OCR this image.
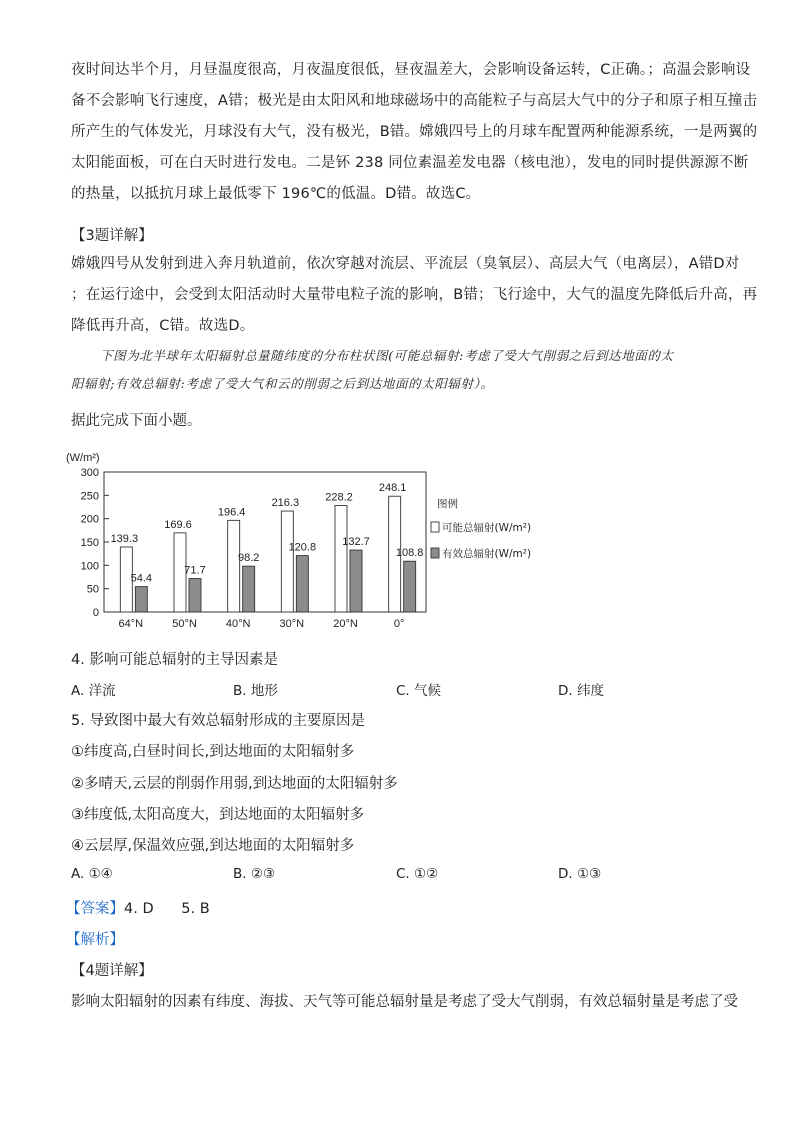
夜时间达半个月，月昼温度很高，月夜温度很低，昼夜温差大，会影响设备运转，C正确。；高温会影响设
备不会影响飞行速度，A错；极光是由太阳风和地球磁场中的高能粒子与高层大气中的分子和原子相互撞击
所产生的气体发光，月球没有大气，没有极光，B错。嫦娥四号上的月球车配置两种能源系统，一是两翼的
太阳能面板，可在白天时进行发电。二是钚 238 同位素温差发电器（核电池），发电的同时提供源源不断
的热量，以抵抗月球上最低零下 196℃的低温。D错。故选C。
【3题详解】
嫦娥四号从发射到进入奔月轨道前，依次穿越对流层、平流层（臭氧层）、高层大气（电离层），A错D对
；在运行途中，会受到太阳活动时大量带电粒子流的影响，B错；飞行途中，大气的温度先降低后升高，再
降低再升高，C错。故选D。
下图为北半球年太阳辐射总量随纬度的分布柱状图(可能总辐射:考虑了受大气削弱之后到达地面的太
阳辐射;有效总辐射:考虑了受大气和云的削弱之后到达地面的太阳辐射）。
据此完成下面小题。
(W/m²)
0
50
100
150
200
250
300
139.3
54.4
64°N
169.6
71.7
50°N
196.4
98.2
40°N
216.3
120.8
30°N
228.2
132.7
20°N
248.1
108.8
0°
图例
可能总辐射(W/m²)
有效总辐射(W/m²)
4. 影响可能总辐射的主导因素是
A. 洋流	B. 地形	C. 气候	D. 纬度
5. 导致图中最大有效总辐射形成的主要原因是
①纬度高,白昼时间长,到达地面的太阳辐射多
②多晴天,云层的削弱作用弱,到达地面的太阳辐射多
③纬度低,太阳高度大，到达地面的太阳辐射多
④云层厚,保温效应强,到达地面的太阳辐射多
A. ①④	B. ②③	C. ①②	D. ①③
【答案】4. D      5. B
【解析】
【4题详解】
影响太阳辐射的因素有纬度、海拔、天气等可能总辐射量是考虑了受大气削弱，有效总辐射量是考虑了受
